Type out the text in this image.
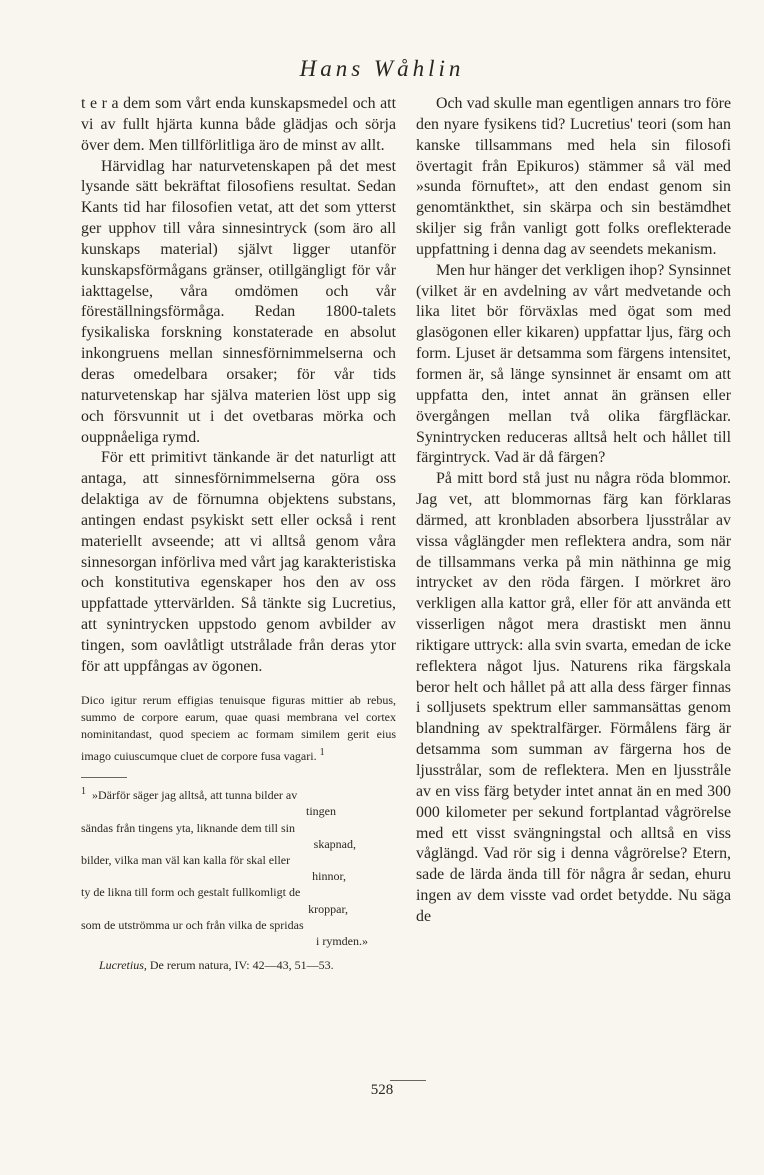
Hans Wåhlin

t e r a dem som vårt enda kunskapsmedel och att vi av fullt hjärta kunna både glädjas och sörja över dem. Men tillförlitliga äro de minst av allt.

Härvidlag har naturvetenskapen på det mest lysande sätt bekräftat filosofiens resultat. Sedan Kants tid har filosofien vetat, att det som ytterst ger upphov till våra sinnesintryck (som äro all kunskaps material) självt ligger utanför kunskapsförmågans gränser, otillgängligt för vår iakttagelse, våra omdömen och vår föreställningsförmåga. Redan 1800-talets fysikaliska forskning konstaterade en absolut inkongruens mellan sinnesförnimmelserna och deras omedelbara orsaker; för vår tids naturvetenskap har själva materien löst upp sig och försvunnit ut i det ovetbaras mörka och ouppnåeliga rymd.

För ett primitivt tänkande är det naturligt att antaga, att sinnesförnimmelserna göra oss delaktiga av de förnumna objektens substans, antingen endast psykiskt sett eller också i rent materiellt avseende; att vi alltså genom våra sinnesorgan införliva med vårt jag karakteristiska och konstitutiva egenskaper hos den av oss uppfattade yttervärlden. Så tänkte sig Lucretius, att synintrycken uppstodo genom avbilder av tingen, som oavlåtligt utstrålade från deras ytor för att uppfångas av ögonen.

Dico igitur rerum effigias tenuisque figuras mittier ab rebus, summo de corpore earum, quae quasi membrana vel cortex nominitandast, quod speciem ac formam similem gerit eius imago cuiuscumque cluet de corpore fusa vagari. $^1$

$^1$ »Därför säger jag alltså, att tunna bilder av
tingen
sändas från tingens yta, liknande dem till sin
skapnad,
bilder, vilka man väl kan kalla för skal eller
hinnor,
ty de likna till form och gestalt fullkomligt de
kroppar,
som de utströmma ur och från vilka de spridas
i rymden.»

Lucretius, De rerum natura, IV: 42—43, 51—53.

Och vad skulle man egentligen annars tro före den nyare fysikens tid? Lucretius' teori (som han kanske tillsammans med hela sin filosofi övertagit från Epikuros) stämmer så väl med »sunda förnuftet», att den endast genom sin genomtänkthet, sin skärpa och sin bestämdhet skiljer sig från vanligt gott folks oreflekterade uppfattning i denna dag av seendets mekanism.

Men hur hänger det verkligen ihop? Synsinnet (vilket är en avdelning av vårt medvetande och lika litet bör förväxlas med ögat som med glasögonen eller kikaren) uppfattar ljus, färg och form. Ljuset är detsamma som färgens intensitet, formen är, så länge synsinnet är ensamt om att uppfatta den, intet annat än gränsen eller övergången mellan två olika färgfläckar. Synintrycken reduceras alltså helt och hållet till färgintryck. Vad är då färgen?

På mitt bord stå just nu några röda blommor. Jag vet, att blommornas färg kan förklaras därmed, att kronbladen absorbera ljusstrålar av vissa våglängder men reflektera andra, som när de tillsammans verka på min näthinna ge mig intrycket av den röda färgen. I mörkret äro verkligen alla kattor grå, eller för att använda ett visserligen något mera drastiskt men ännu riktigare uttryck: alla svin svarta, emedan de icke reflektera något ljus. Naturens rika färgskala beror helt och hållet på att alla dess färger finnas i solljusets spektrum eller sammansättas genom blandning av spektralfärger. Förmålens färg är detsamma som summan av färgerna hos de ljusstrålar, som de reflektera. Men en ljusstråle av en viss färg betyder intet annat än en med 300 000 kilometer per sekund fortplantad vågrörelse med ett visst svängningstal och alltså en viss våglängd. Vad rör sig i denna vågrörelse? Etern, sade de lärda ända till för några år sedan, ehuru ingen av dem visste vad ordet betydde. Nu säga de

528
